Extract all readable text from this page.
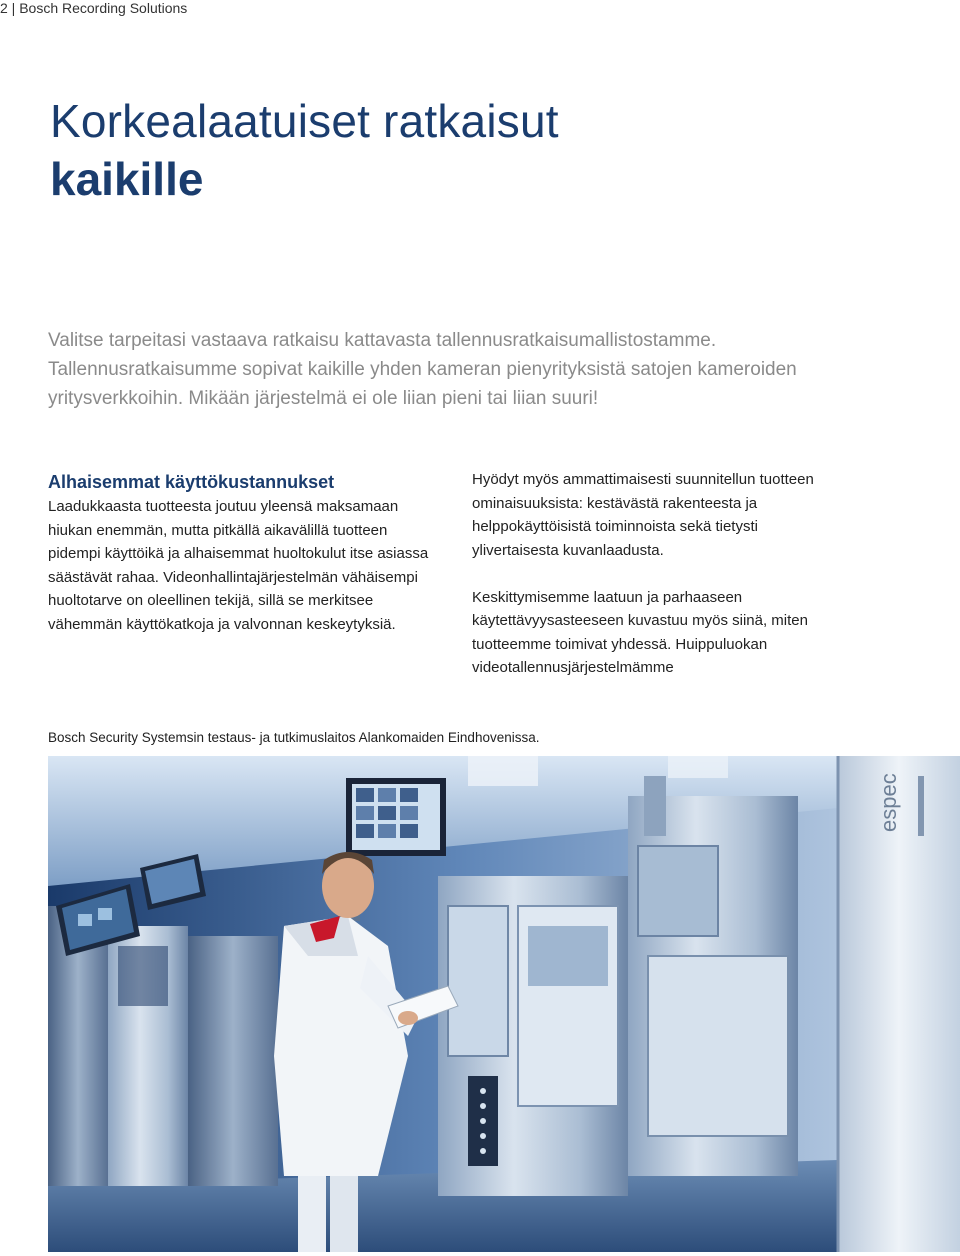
2 | Bosch Recording Solutions
Korkealaatuiset ratkaisut
kaikille

Valitse tarpeitasi vastaava ratkaisu kattavasta tallennusratkaisumallistostamme.

Tallennusratkaisumme sopivat kaikille yhden kameran pienyrityksistä satojen kameroiden

yritysverkkoihin. Mikään järjestelmä ei ole liian pieni tai liian suuri!

Alhaisemmat käyttökustannukset

Laadukkaasta tuotteesta joutuu yleensä maksamaan hiukan enemmän, mutta pitkällä aikavälillä tuotteen pidempi käyttöikä ja alhaisemmat huoltokulut itse asiassa säästävät rahaa. Videonhallintajärjestelmän vähäisempi huoltotarve on oleellinen tekijä, sillä se merkitsee vähemmän käyttökatkoja ja valvonnan keskeytyksiä.

Hyödyt myös ammattimaisesti suunnitellun tuotteen ominaisuuksista: kestävästä rakenteesta ja helppokäyttöisistä toiminnoista sekä tietysti ylivertaisesta kuvanlaadusta.

Keskittymisemme laatuun ja parhaaseen käytettävyysasteeseen kuvastuu myös siinä, miten tuotteemme toimivat yhdessä. Huippuluokan videotallennusjärjestelmämme

Bosch Security Systemsin testaus- ja tutkimuslaitos Alankomaiden Eindhovenissa.
espec
